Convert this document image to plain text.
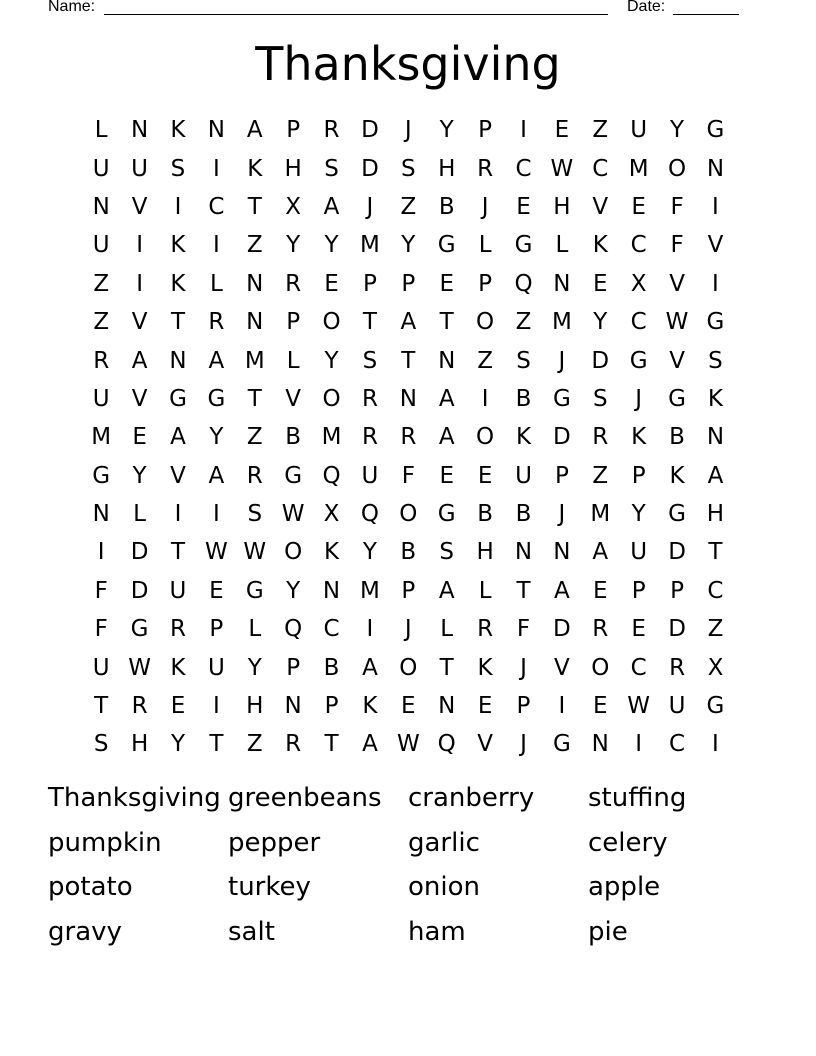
Name:	Date:
Thanksgiving
L	N K N A	P	R D	J	Y	P	I	E	Z U Y G
U U S	I	K H S D S H R C W C M O N
N V	I	C	T	X A	J	Z B	J	E H V	E	F	I
U	I	K	I	Z	Y	Y M Y G	L	G	L	K C	F	V
Z	I	K	L	N R	E	P	P	E	P Q N E	X V	I
Z V	T	R N P O T	A	T O Z M Y	C W G
R A N A M L	Y	S	T N Z	S	J	D G V	S
U V G G T	V O R N A	I	B G S	J	G K
M E	A	Y	Z B M R R A O K D R K B N
G Y	V A R G Q U	F	E	E U	P	Z	P	K A
N	L	I	I	S W X Q O G B B	J	M Y G H
I	D T W W O K	Y	B	S H N N A U D T
F D U E G Y N M P	A	L	T	A	E	P	P	C
F G R	P	L Q C	I	J	L	R	F D R	E D Z
U W K U Y	P	B A O T	K	J	V O C R X
T	R	E	I	H N P	K	E N E	P	I	E W U G
S H Y	T	Z R	T	A W Q V	J	G N	I	C	I
Thanksgiving greenbeans	cranberry	stuffing
pumpkin	pepper	garlic	celery
potato	turkey	onion	apple
gravy	salt	ham	pie
